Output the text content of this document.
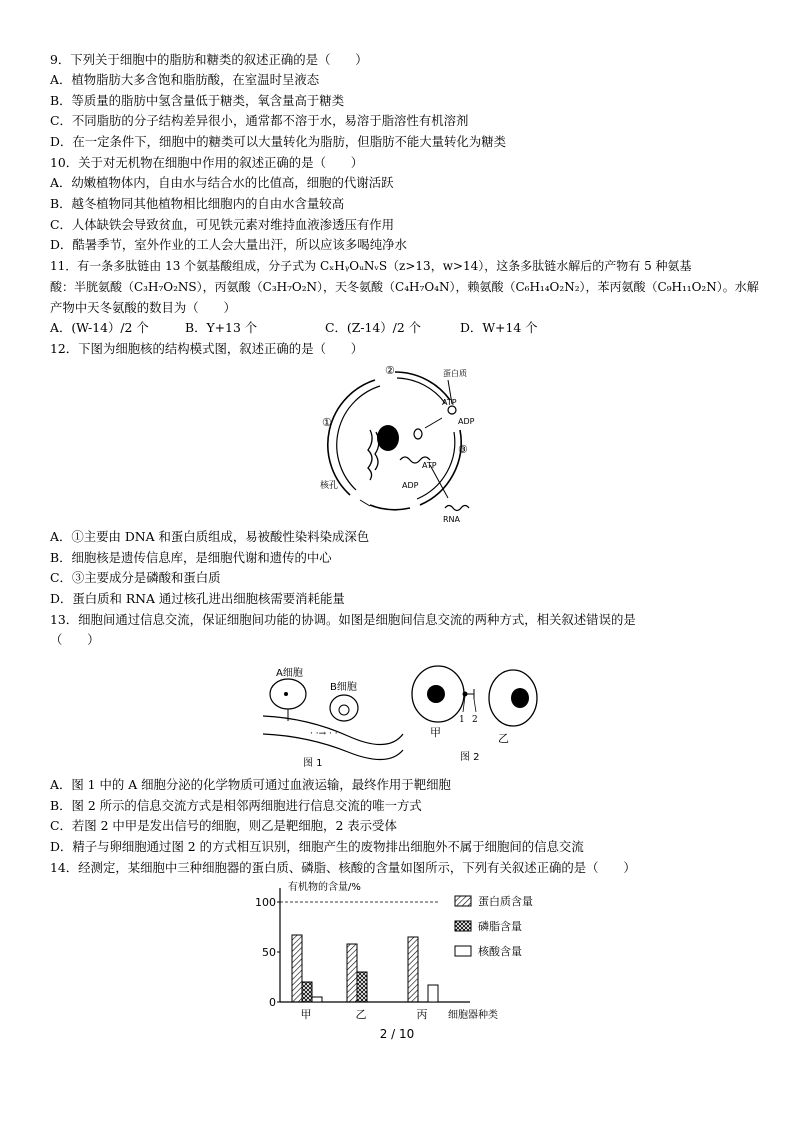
9．下列关于细胞中的脂肪和糖类的叙述正确的是（　　）
A．植物脂肪大多含饱和脂肪酸，在室温时呈液态
B．等质量的脂肪中氢含量低于糖类，氧含量高于糖类
C．不同脂肪的分子结构差异很小，通常都不溶于水，易溶于脂溶性有机溶剂
D．在一定条件下，细胞中的糖类可以大量转化为脂肪，但脂肪不能大量转化为糖类
10．关于对无机物在细胞中作用的叙述正确的是（　　）
A．幼嫩植物体内，自由水与结合水的比值高，细胞的代谢活跃
B．越冬植物同其他植物相比细胞内的自由水含量较高
C．人体缺铁会导致贫血，可见铁元素对维持血液渗透压有作用
D．酷暑季节，室外作业的工人会大量出汗，所以应该多喝纯净水
11．有一条多肽链由 13 个氨基酸组成，分子式为 CₓHᵧOᵤNᵥS（z>13，w>14），这条多肽链水解后的产物有 5 种氨基
酸：半胱氨酸（C₃H₇O₂NS），丙氨酸（C₃H₇O₂N），天冬氨酸（C₄H₇O₄N），赖氨酸（C₆H₁₄O₂N₂），苯丙氨酸（C₉H₁₁O₂N）。水解
产物中天冬氨酸的数目为（　　）
A．(W-14）/2 个	B．Y+13 个	C．(Z-14）/2 个	D．W+14 个
12．下图为细胞核的结构模式图，叙述正确的是（　　）
②
①
③
蛋白质
ATP
ADP
ATP
ADP
核孔
RNA
A．①主要由 DNA 和蛋白质组成，易被酸性染料染成深色
B．细胞核是遗传信息库，是细胞代谢和遗传的中心
C．③主要成分是磷酸和蛋白质
D．蛋白质和 RNA 通过核孔进出细胞核需要消耗能量
13．细胞间通过信息交流，保证细胞间功能的协调。如图是细胞间信息交流的两种方式，相关叙述错误的是
（　　）
· ·→ · ·
A细胞
B细胞
图 1
1 2
甲	乙
图 2
A．图 1 中的 A 细胞分泌的化学物质可通过血液运输，最终作用于靶细胞
B．图 2 所示的信息交流方式是相邻两细胞进行信息交流的唯一方式
C．若图 2 中甲是发出信号的细胞，则乙是靶细胞，2 表示受体
D．精子与卵细胞通过图 2 的方式相互识别，细胞产生的废物排出细胞外不属于细胞间的信息交流
14．经测定，某细胞中三种细胞器的蛋白质、磷脂、核酸的含量如图所示，下列有关叙述正确的是（　　）
0
50
100
有机物的含量/%
细胞器种类
甲	乙	丙
蛋白质含量
磷脂含量
核酸含量
2 / 10
